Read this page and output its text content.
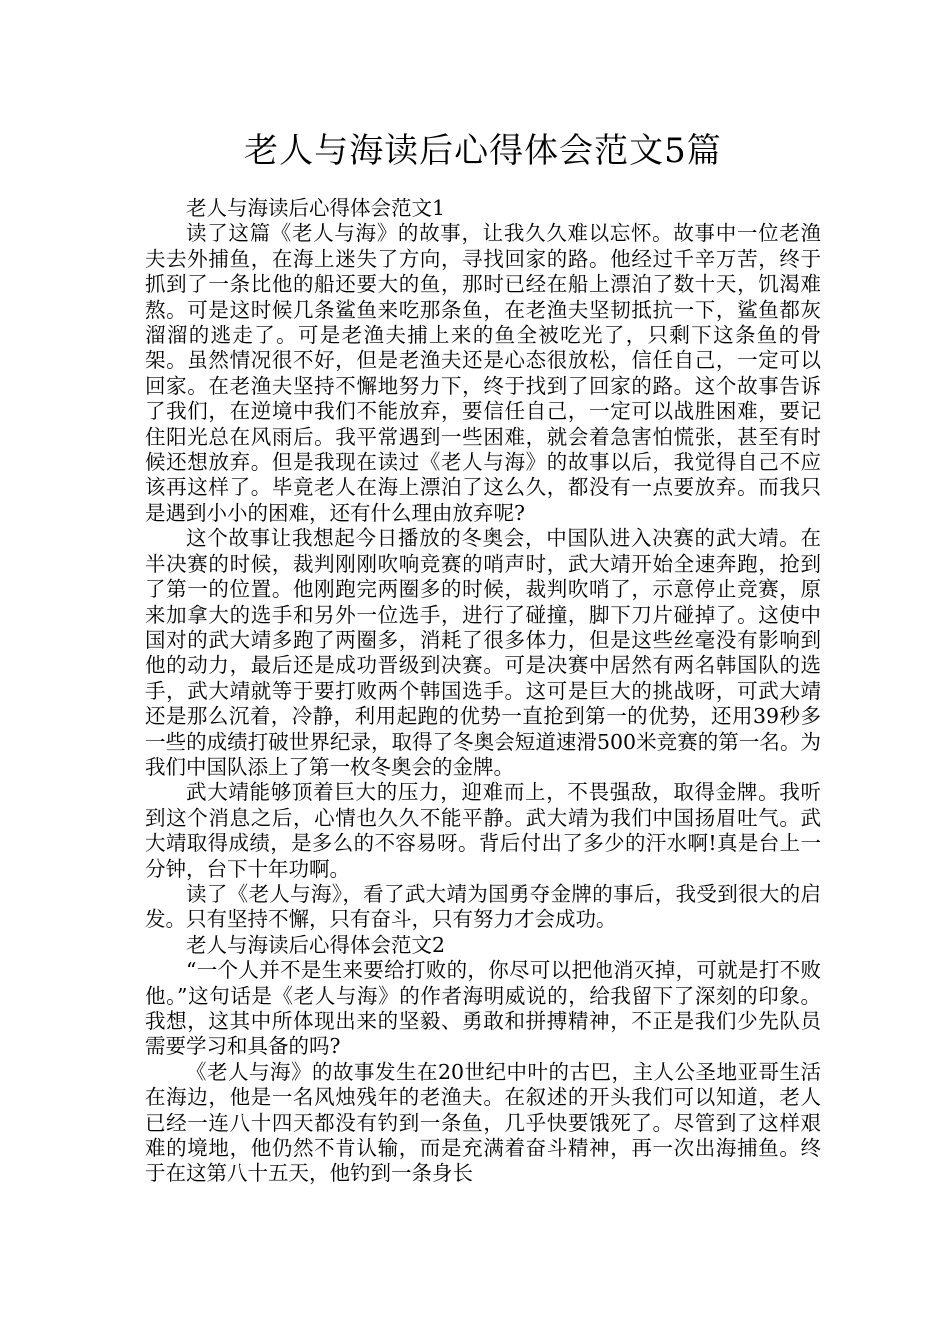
老人与海读后心得体会范文5篇

老人与海读后心得体会范文1

读了这篇《老人与海》的故事，让我久久难以忘怀。故事中一位老渔夫去外捕鱼，在海上迷失了方向，寻找回家的路。他经过千辛万苦，终于抓到了一条比他的船还要大的鱼，那时已经在船上漂泊了数十天，饥渴难熬。可是这时候几条鲨鱼来吃那条鱼，在老渔夫坚韧抵抗一下，鲨鱼都灰溜溜的逃走了。可是老渔夫捕上来的鱼全被吃光了，只剩下这条鱼的骨架。虽然情况很不好，但是老渔夫还是心态很放松，信任自己，一定可以回家。在老渔夫坚持不懈地努力下，终于找到了回家的路。这个故事告诉了我们，在逆境中我们不能放弃，要信任自己，一定可以战胜困难，要记住阳光总在风雨后。我平常遇到一些困难，就会着急害怕慌张，甚至有时候还想放弃。但是我现在读过《老人与海》的故事以后，我觉得自己不应该再这样了。毕竟老人在海上漂泊了这么久，都没有一点要放弃。而我只是遇到小小的困难，还有什么理由放弃呢?

这个故事让我想起今日播放的冬奥会，中国队进入决赛的武大靖。在半决赛的时候，裁判刚刚吹响竞赛的哨声时，武大靖开始全速奔跑，抢到了第一的位置。他刚跑完两圈多的时候，裁判吹哨了，示意停止竞赛，原来加拿大的选手和另外一位选手，进行了碰撞，脚下刀片碰掉了。这使中国对的武大靖多跑了两圈多，消耗了很多体力，但是这些丝毫没有影响到他的动力，最后还是成功晋级到决赛。可是决赛中居然有两名韩国队的选手，武大靖就等于要打败两个韩国选手。这可是巨大的挑战呀，可武大靖还是那么沉着，冷静，利用起跑的优势一直抢到第一的优势，还用39秒多一些的成绩打破世界纪录，取得了冬奥会短道速滑500米竞赛的第一名。为我们中国队添上了第一枚冬奥会的金牌。

武大靖能够顶着巨大的压力，迎难而上，不畏强敌，取得金牌。我听到这个消息之后，心情也久久不能平静。武大靖为我们中国扬眉吐气。武大靖取得成绩，是多么的不容易呀。背后付出了多少的汗水啊!真是台上一分钟，台下十年功啊。

读了《老人与海》，看了武大靖为国勇夺金牌的事后，我受到很大的启发。只有坚持不懈，只有奋斗，只有努力才会成功。

老人与海读后心得体会范文2

“一个人并不是生来要给打败的，你尽可以把他消灭掉，可就是打不败他。”这句话是《老人与海》的作者海明威说的，给我留下了深刻的印象。我想，这其中所体现出来的坚毅、勇敢和拼搏精神，不正是我们少先队员需要学习和具备的吗?

《老人与海》的故事发生在20世纪中叶的古巴，主人公圣地亚哥生活在海边，他是一名风烛残年的老渔夫。在叙述的开头我们可以知道，老人已经一连八十四天都没有钓到一条鱼，几乎快要饿死了。尽管到了这样艰难的境地，他仍然不肯认输，而是充满着奋斗精神，再一次出海捕鱼。终于在这第八十五天，他钓到一条身长
